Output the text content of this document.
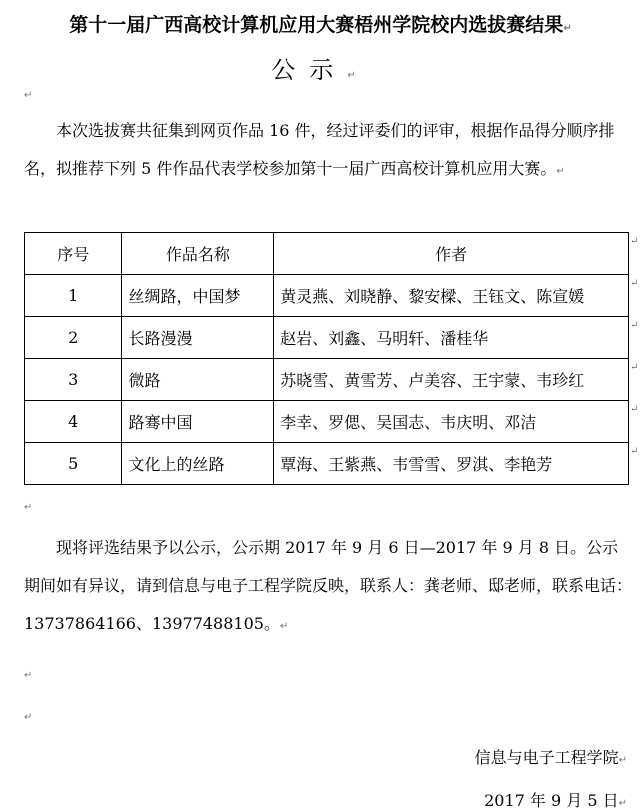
第十一届广西高校计算机应用大赛梧州学院校内选拔赛结果↵
公示↵
↵
本次选拔赛共征集到网页作品 16 件，经过评委们的评审，根据作品得分顺序排名，拟推荐下列 5 件作品代表学校参加第十一届广西高校计算机应用大赛。↵
序号	作品名称	作者
1	丝绸路，中国梦	黄灵燕、刘晓静、黎安樑、王钰文、陈宣媛
2	长路漫漫	赵岩、刘鑫、马明轩、潘桂华
3	微路	苏晓雪、黄雪芳、卢美容、王宇蒙、韦珍红
4	路骞中国	李幸、罗偲、吴国志、韦庆明、邓洁
5	文化上的丝路	覃海、王紫燕、韦雪雪、罗淇、李艳芳
↵
↵
↵
↵
↵
↵
↵
现将评选结果予以公示，公示期 2017 年 9 月 6 日—2017 年 9 月 8 日。公示期间如有异议，请到信息与电子工程学院反映，联系人：龚老师、邸老师，联系电话：13737864166、13977488105。↵
↵
↵
信息与电子工程学院↵
2017 年 9 月 5 日↵
